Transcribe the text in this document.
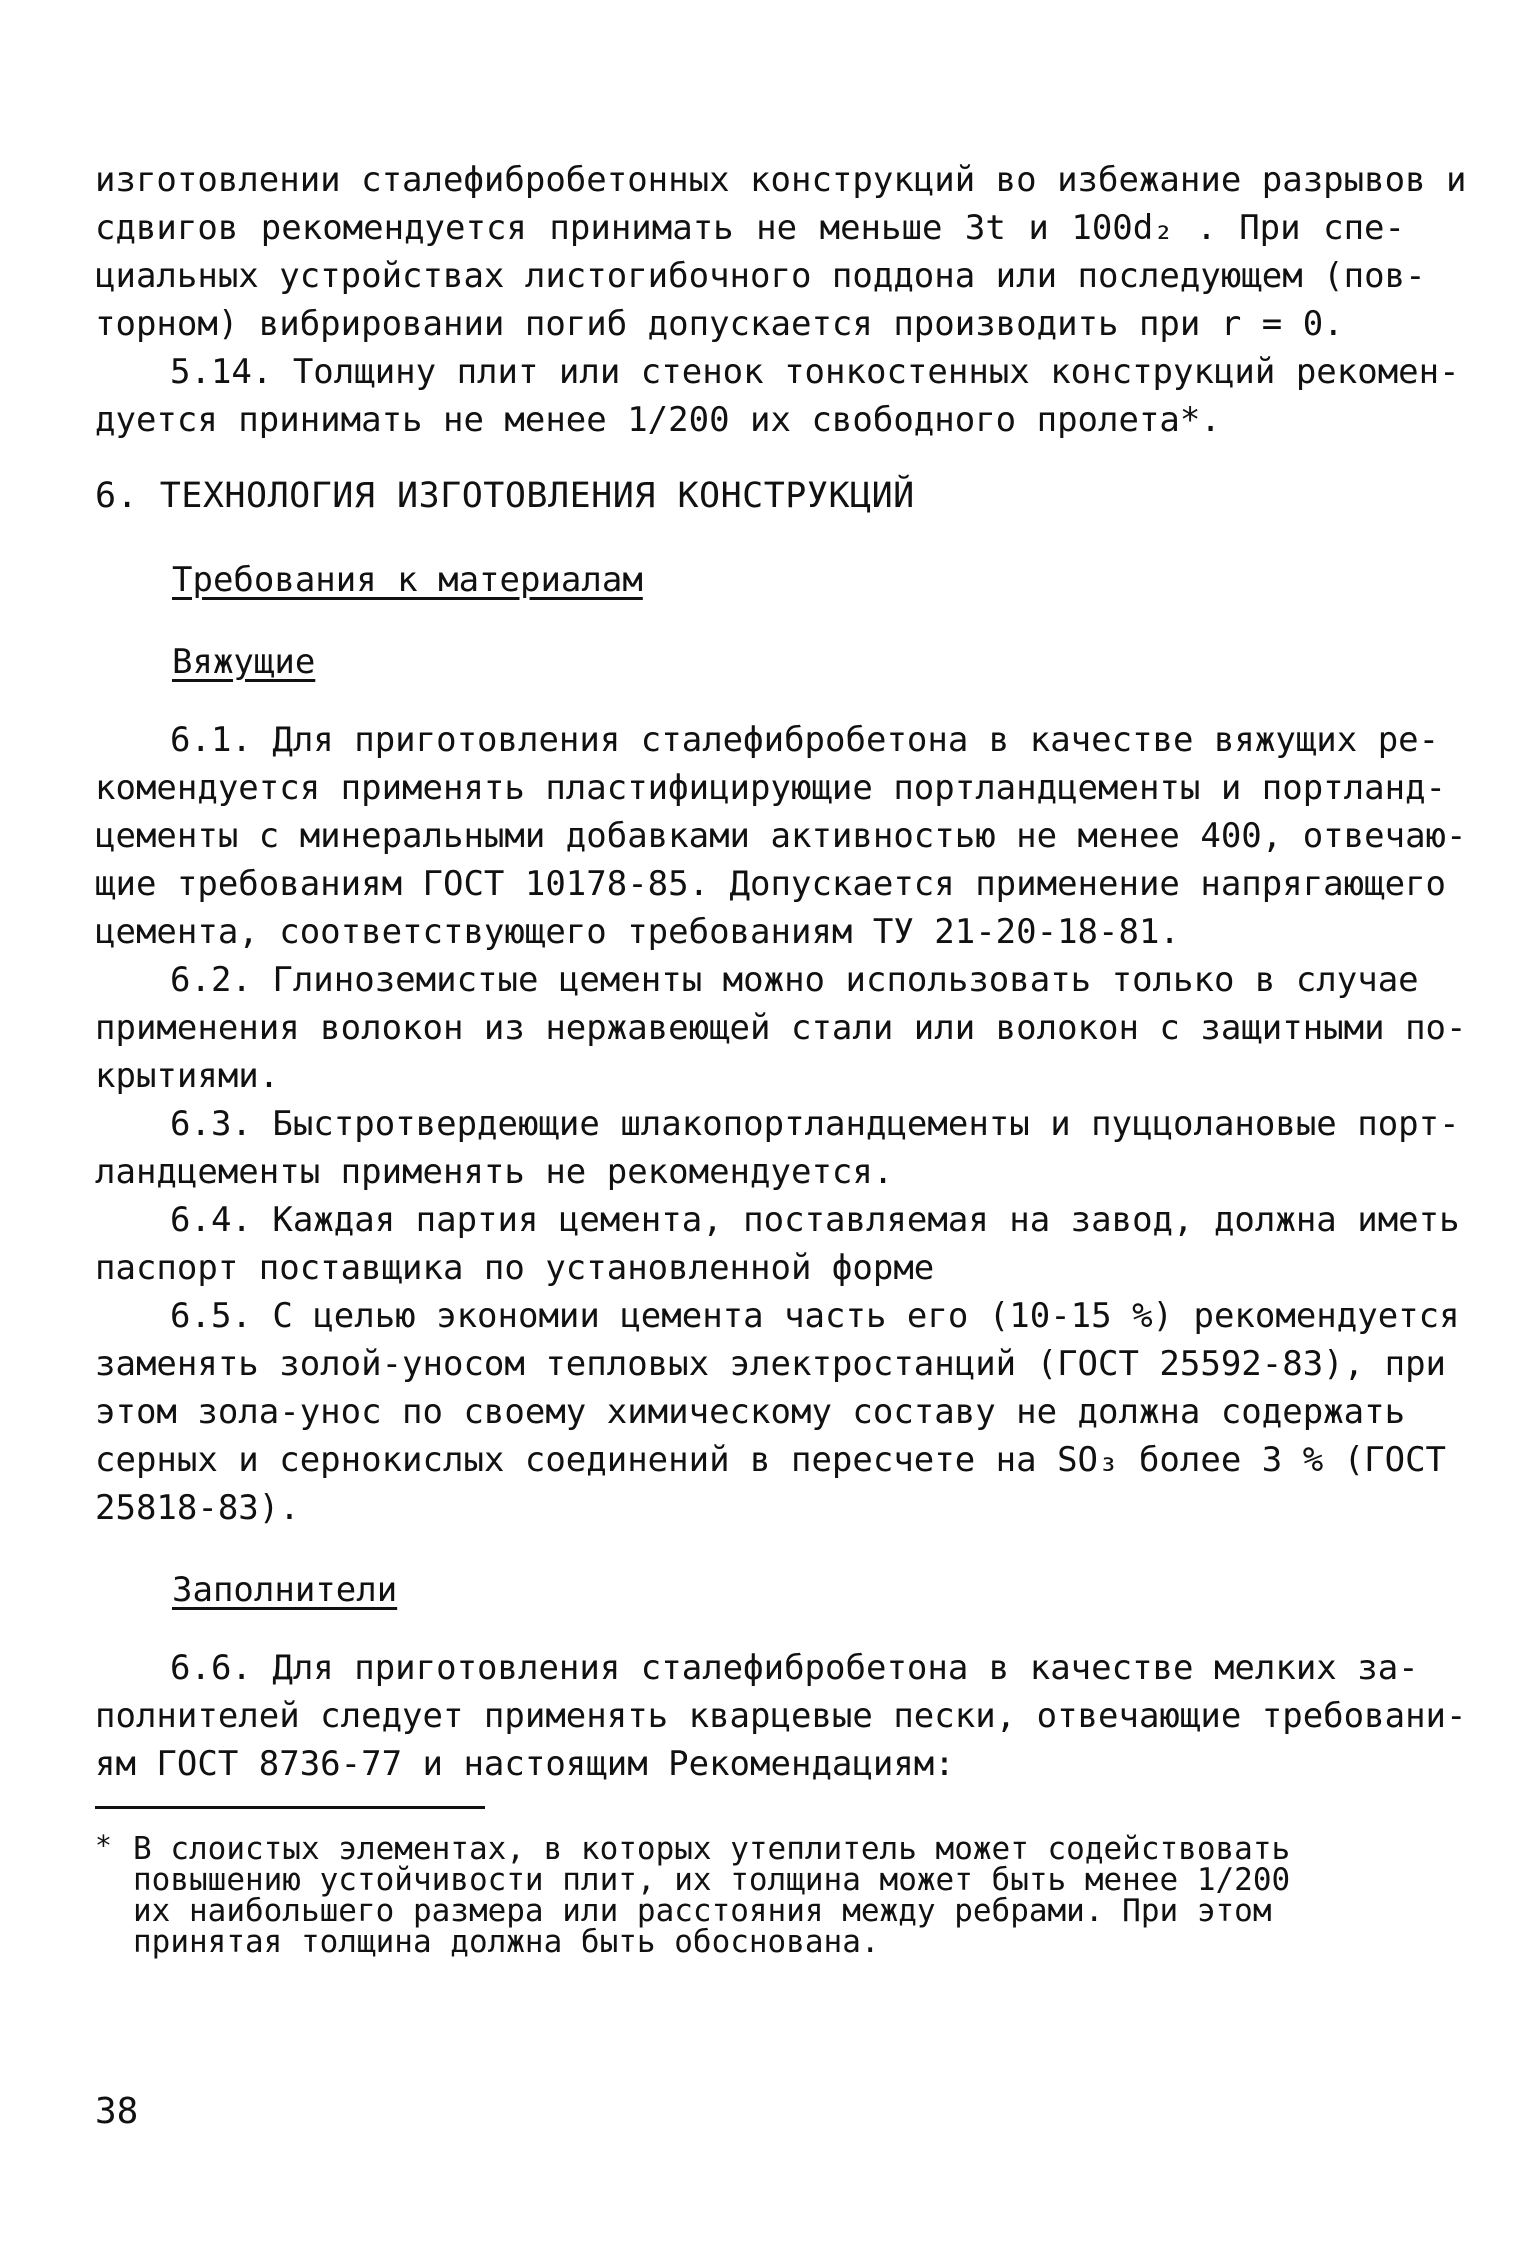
изготовлении сталефибробетонных конструкций во избежание разрывов и
сдвигов рекомендуется принимать не меньше 3t и 100d₂ . При спе-
циальных устройствах листогибочного поддона или последующем (пов-
торном) вибрировании погиб допускается производить при r = 0.
5.14. Толщину плит или стенок тонкостенных конструкций рекомен-
дуется принимать не менее 1/200 их свободного пролета*.
6. ТЕХНОЛОГИЯ ИЗГОТОВЛЕНИЯ КОНСТРУКЦИЙ
Требования к материалам
Вяжущие
6.1. Для приготовления сталефибробетона в качестве вяжущих ре-
комендуется применять пластифицирующие портландцементы и портланд-
цементы с минеральными добавками активностью не менее 400, отвечаю-
щие требованиям ГОСТ 10178-85. Допускается применение напрягающего
цемента, соответствующего требованиям ТУ 21-20-18-81.
6.2. Глиноземистые цементы можно использовать только в случае
применения волокон из нержавеющей стали или волокон с защитными по-
крытиями.
6.3. Быстротвердеющие шлакопортландцементы и пуццолановые порт-
ландцементы применять не рекомендуется.
6.4. Каждая партия цемента, поставляемая на завод, должна иметь
паспорт поставщика по установленной форме
6.5. С целью экономии цемента часть его (10-15 %) рекомендуется
заменять золой-уносом тепловых электростанций (ГОСТ 25592-83), при
этом зола-унос по своему химическому составу не должна содержать
серных и сернокислых соединений в пересчете на SO₃ более 3 % (ГОСТ
25818-83).
Заполнители
6.6. Для приготовления сталефибробетона в качестве мелких за-
полнителей следует применять кварцевые пески, отвечающие требовани-
ям ГОСТ 8736-77 и настоящим Рекомендациям:
* В слоистых элементах, в которых утеплитель может содействовать
повышению устойчивости плит, их толщина может быть менее 1/200
их наибольшего размера или расстояния между ребрами. При этом
принятая толщина должна быть обоснована.
38
